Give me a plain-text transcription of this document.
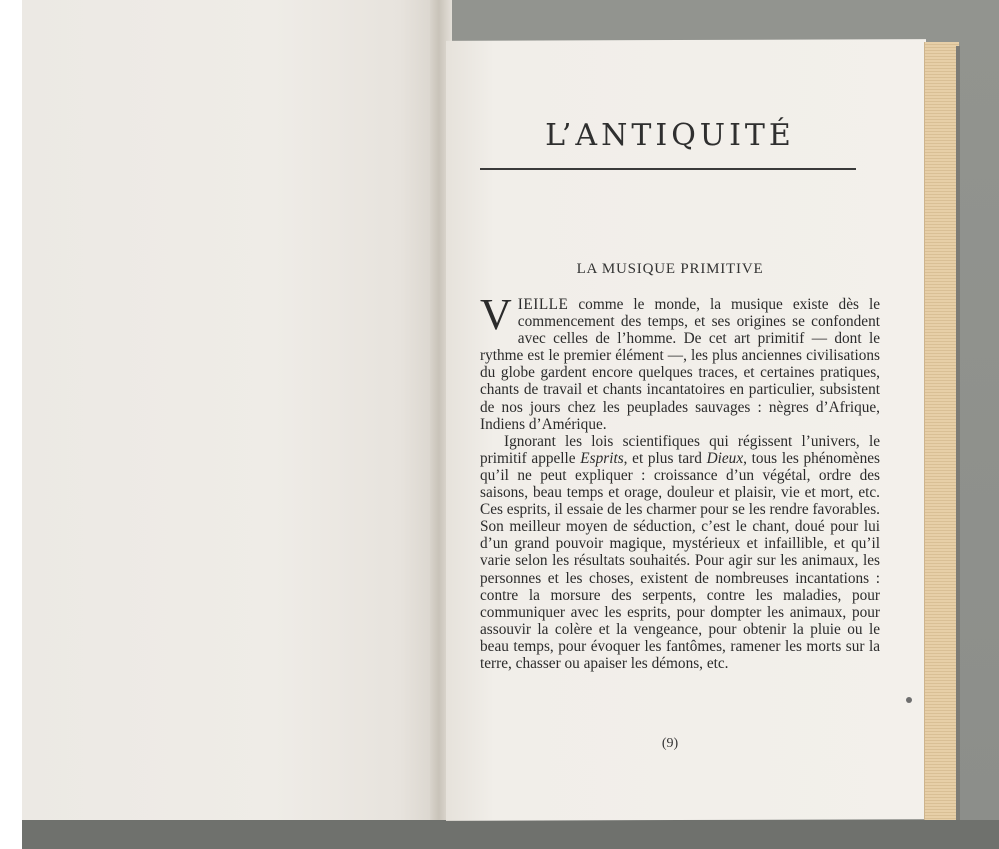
L’ANTIQUITÉ
LA MUSIQUE PRIMITIVE

VIEILLE comme le monde, la musique existe dès le commencement des temps, et ses origines se confondent avec celles de l’homme. De cet art primitif — dont le rythme est le premier élément —, les plus anciennes civilisations du globe gardent encore quelques traces, et certaines pratiques, chants de travail et chants incantatoires en particulier, subsistent de nos jours chez les peuplades sauvages : nègres d’Afrique, Indiens d’Amérique.

Ignorant les lois scientifiques qui régissent l’univers, le primitif appelle Esprits, et plus tard Dieux, tous les phénomènes qu’il ne peut expliquer : croissance d’un végétal, ordre des saisons, beau temps et orage, douleur et plaisir, vie et mort, etc. Ces esprits, il essaie de les charmer pour se les rendre favorables. Son meilleur moyen de séduction, c’est le chant, doué pour lui d’un grand pouvoir magique, mystérieux et infaillible, et qu’il varie selon les résultats souhaités. Pour agir sur les animaux, les personnes et les choses, existent de nombreuses incantations : contre la morsure des serpents, contre les maladies, pour communiquer avec les esprits, pour dompter les animaux, pour assouvir la colère et la vengeance, pour obtenir la pluie ou le beau temps, pour évoquer les fantômes, ramener les morts sur la terre, chasser ou apaiser les démons, etc.

(9)
